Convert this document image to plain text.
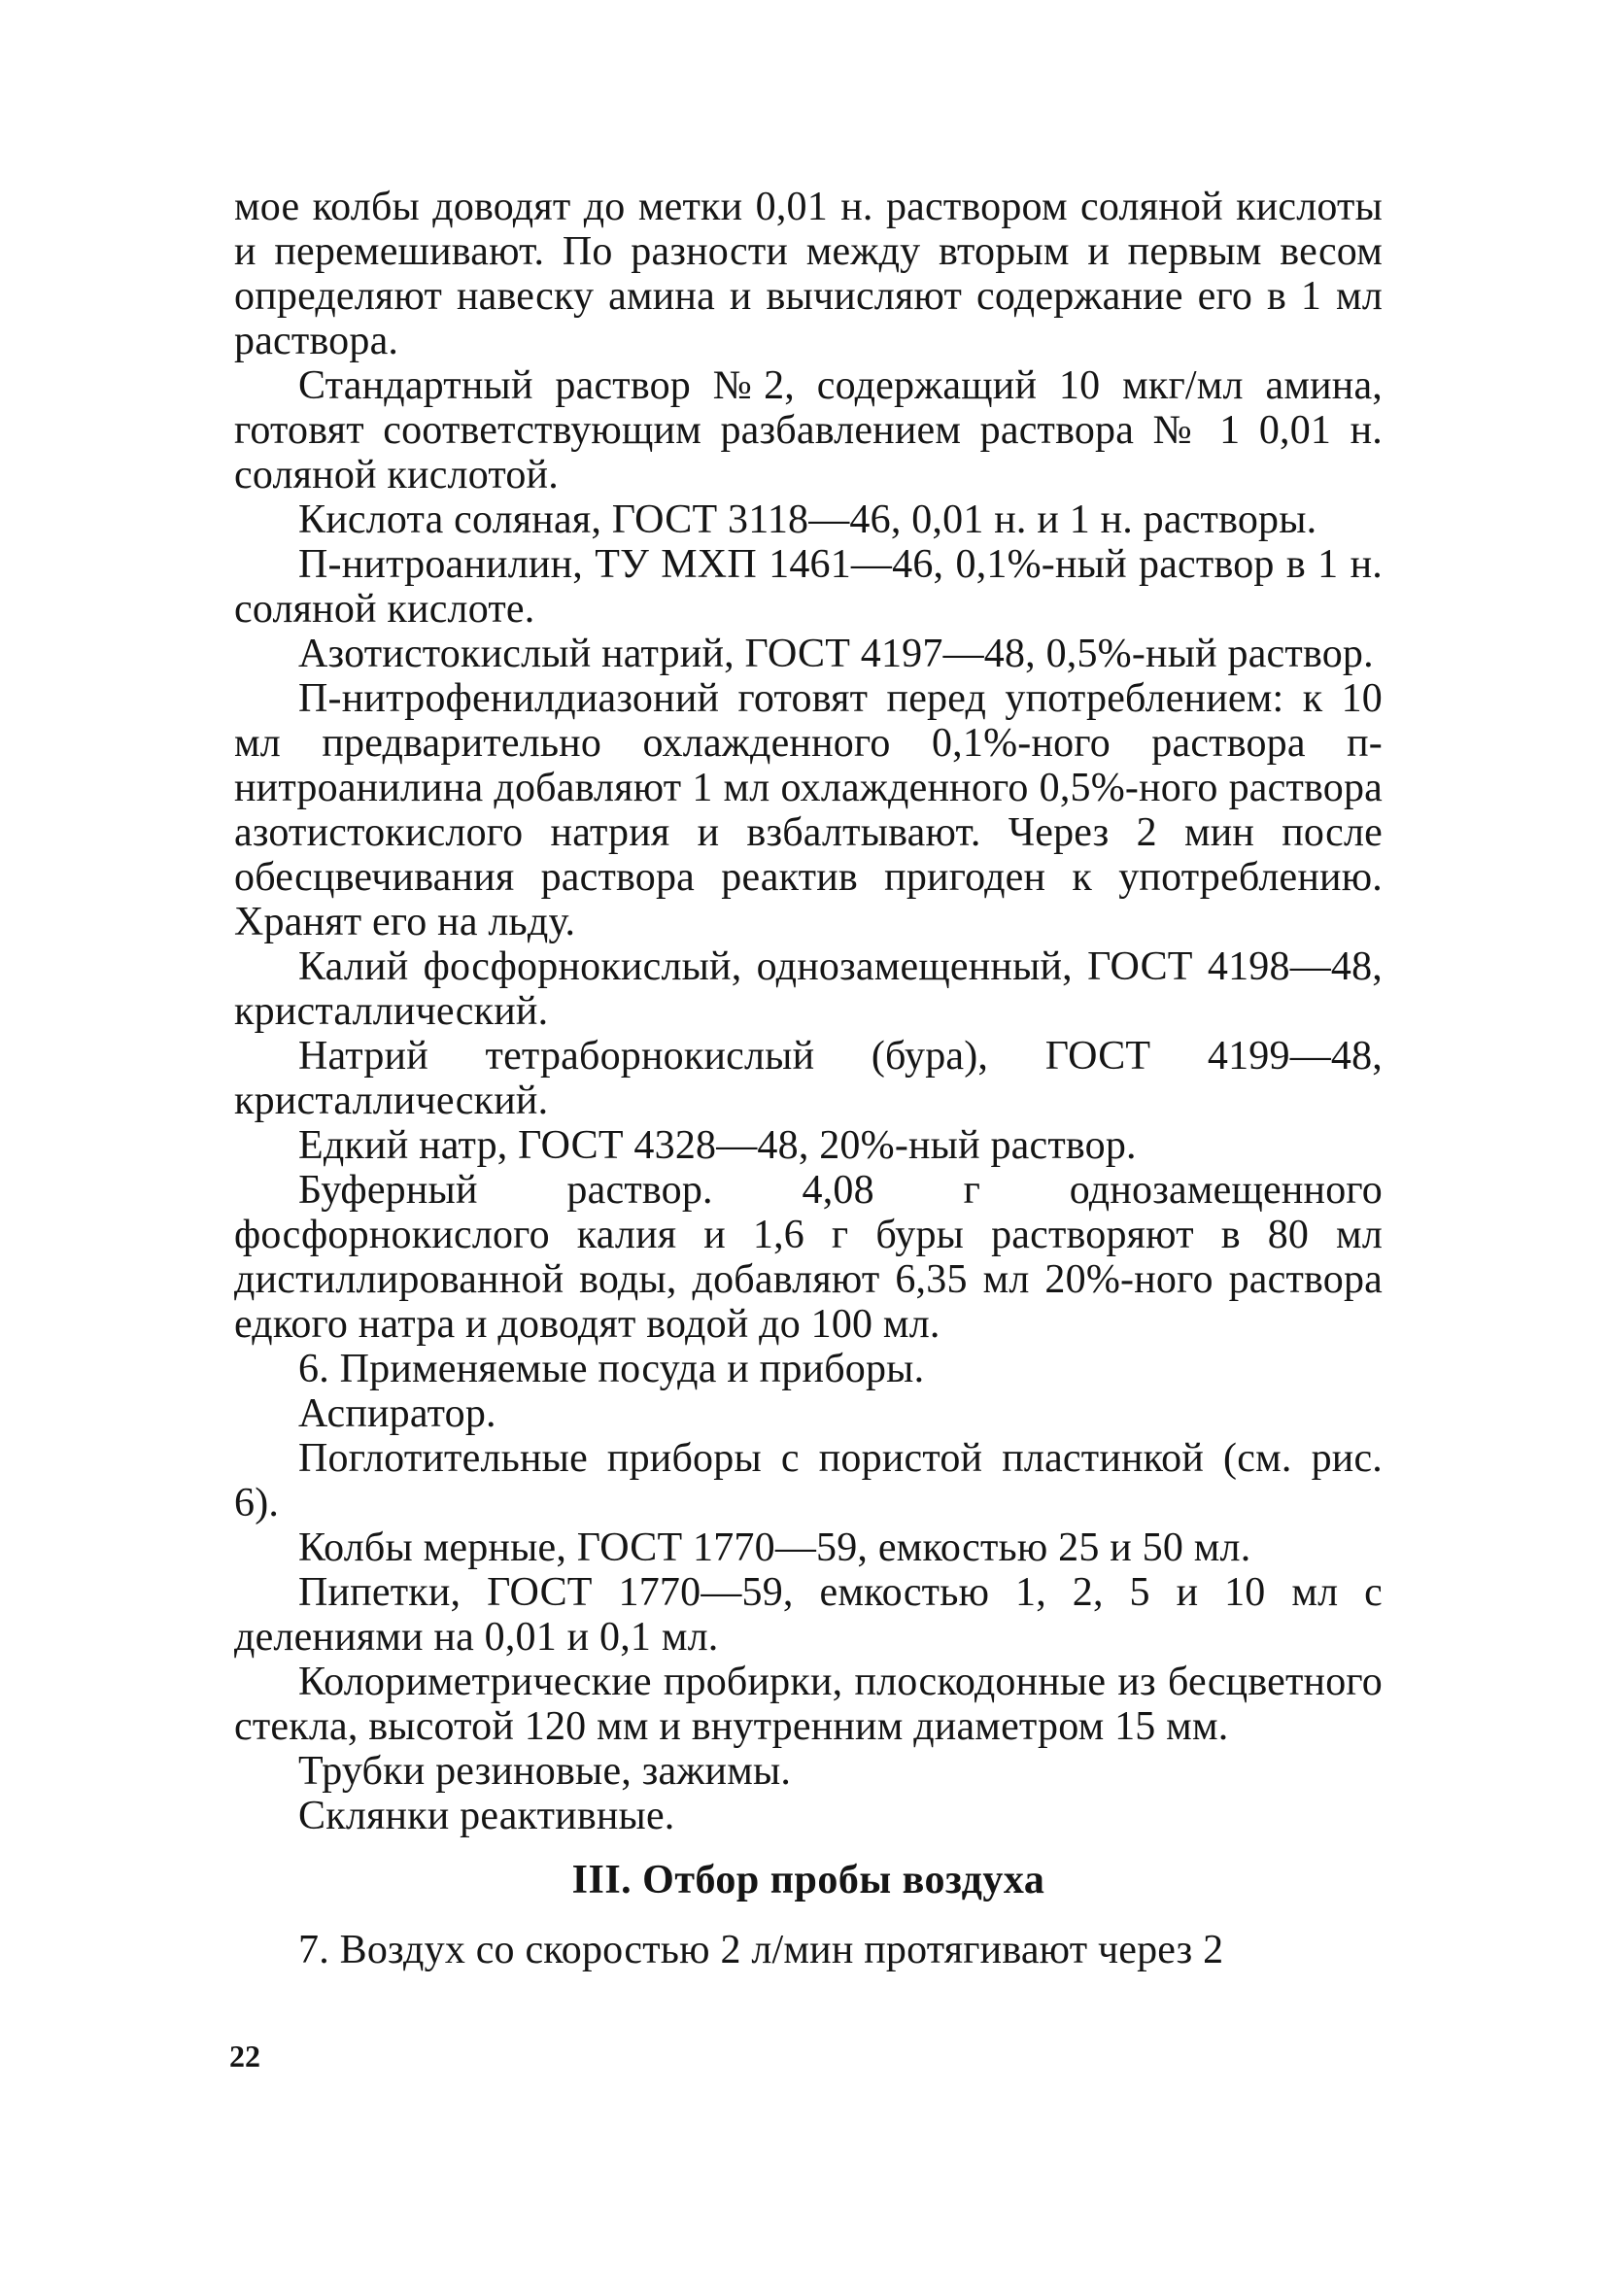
мое колбы доводят до метки 0,01 н. раствором соляной кислоты и перемешивают. По разности между вторым и первым весом определяют навеску амина и вычисляют содержание его в 1 мл раствора.

Стандартный раствор №2, содержащий 10 мкг/мл амина, готовят соответствующим разбавлением раствора № 1 0,01 н. соляной кислотой.

Кислота соляная, ГОСТ 3118—46, 0,01 н. и 1 н. растворы.

П-нитроанилин, ТУ МХП 1461—46, 0,1%-ный раствор в 1 н. соляной кислоте.

Азотистокислый натрий, ГОСТ 4197—48, 0,5%-ный раствор.

П-нитрофенилдиазоний готовят перед употреблением: к 10 мл предварительно охлажденного 0,1%-ного раствора п-нитроанилина добавляют 1 мл охлажденного 0,5%-ного раствора азотистокислого натрия и взбалтывают. Через 2 мин после обесцвечивания раствора реактив пригоден к употреблению. Хранят его на льду.

Калий фосфорнокислый, однозамещенный, ГОСТ 4198—48, кристаллический.

Натрий тетраборнокислый (бура), ГОСТ 4199—48, кристаллический.

Едкий натр, ГОСТ 4328—48, 20%-ный раствор.

Буферный раствор. 4,08 г однозамещенного фосфорнокислого калия и 1,6 г буры растворяют в 80 мл дистиллированной воды, добавляют 6,35 мл 20%-ного раствора едкого натра и доводят водой до 100 мл.

6. Применяемые посуда и приборы.

Аспиратор.

Поглотительные приборы с пористой пластинкой (см. рис. 6).

Колбы мерные, ГОСТ 1770—59, емкостью 25 и 50 мл.

Пипетки, ГОСТ 1770—59, емкостью 1, 2, 5 и 10 мл с делениями на 0,01 и 0,1 мл.

Колориметрические пробирки, плоскодонные из бесцветного стекла, высотой 120 мм и внутренним диаметром 15 мм.

Трубки резиновые, зажимы.

Склянки реактивные.

III. Отбор пробы воздуха

7. Воздух со скоростью 2 л/мин протягивают через 2

22
